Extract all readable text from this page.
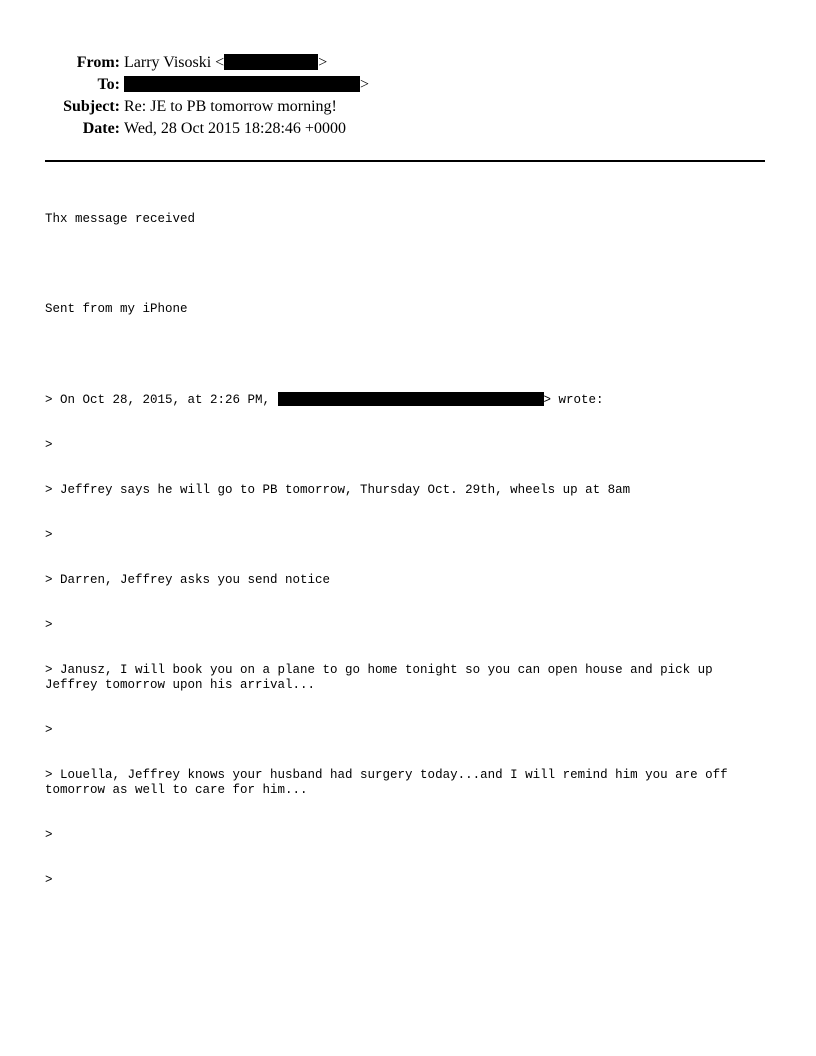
From: Larry Visoski <	>
To:	>
Subject: Re: JE to PB tomorrow morning!
Date: Wed, 28 Oct 2015 18:28:46 +0000

Thx message received

Sent from my iPhone

> On Oct 28, 2015, at 2:26 PM,	> wrote:

>

> Jeffrey says he will go to PB tomorrow, Thursday Oct. 29th, wheels up at 8am

>

> Darren, Jeffrey asks you send notice

>

> Janusz, I will book you on a plane to go home tonight so you can open house and pick up Jeffrey tomorrow upon his arrival...

>

> Louella, Jeffrey knows your husband had surgery today...and I will remind him you are off tomorrow as well to care for him...

>

>
